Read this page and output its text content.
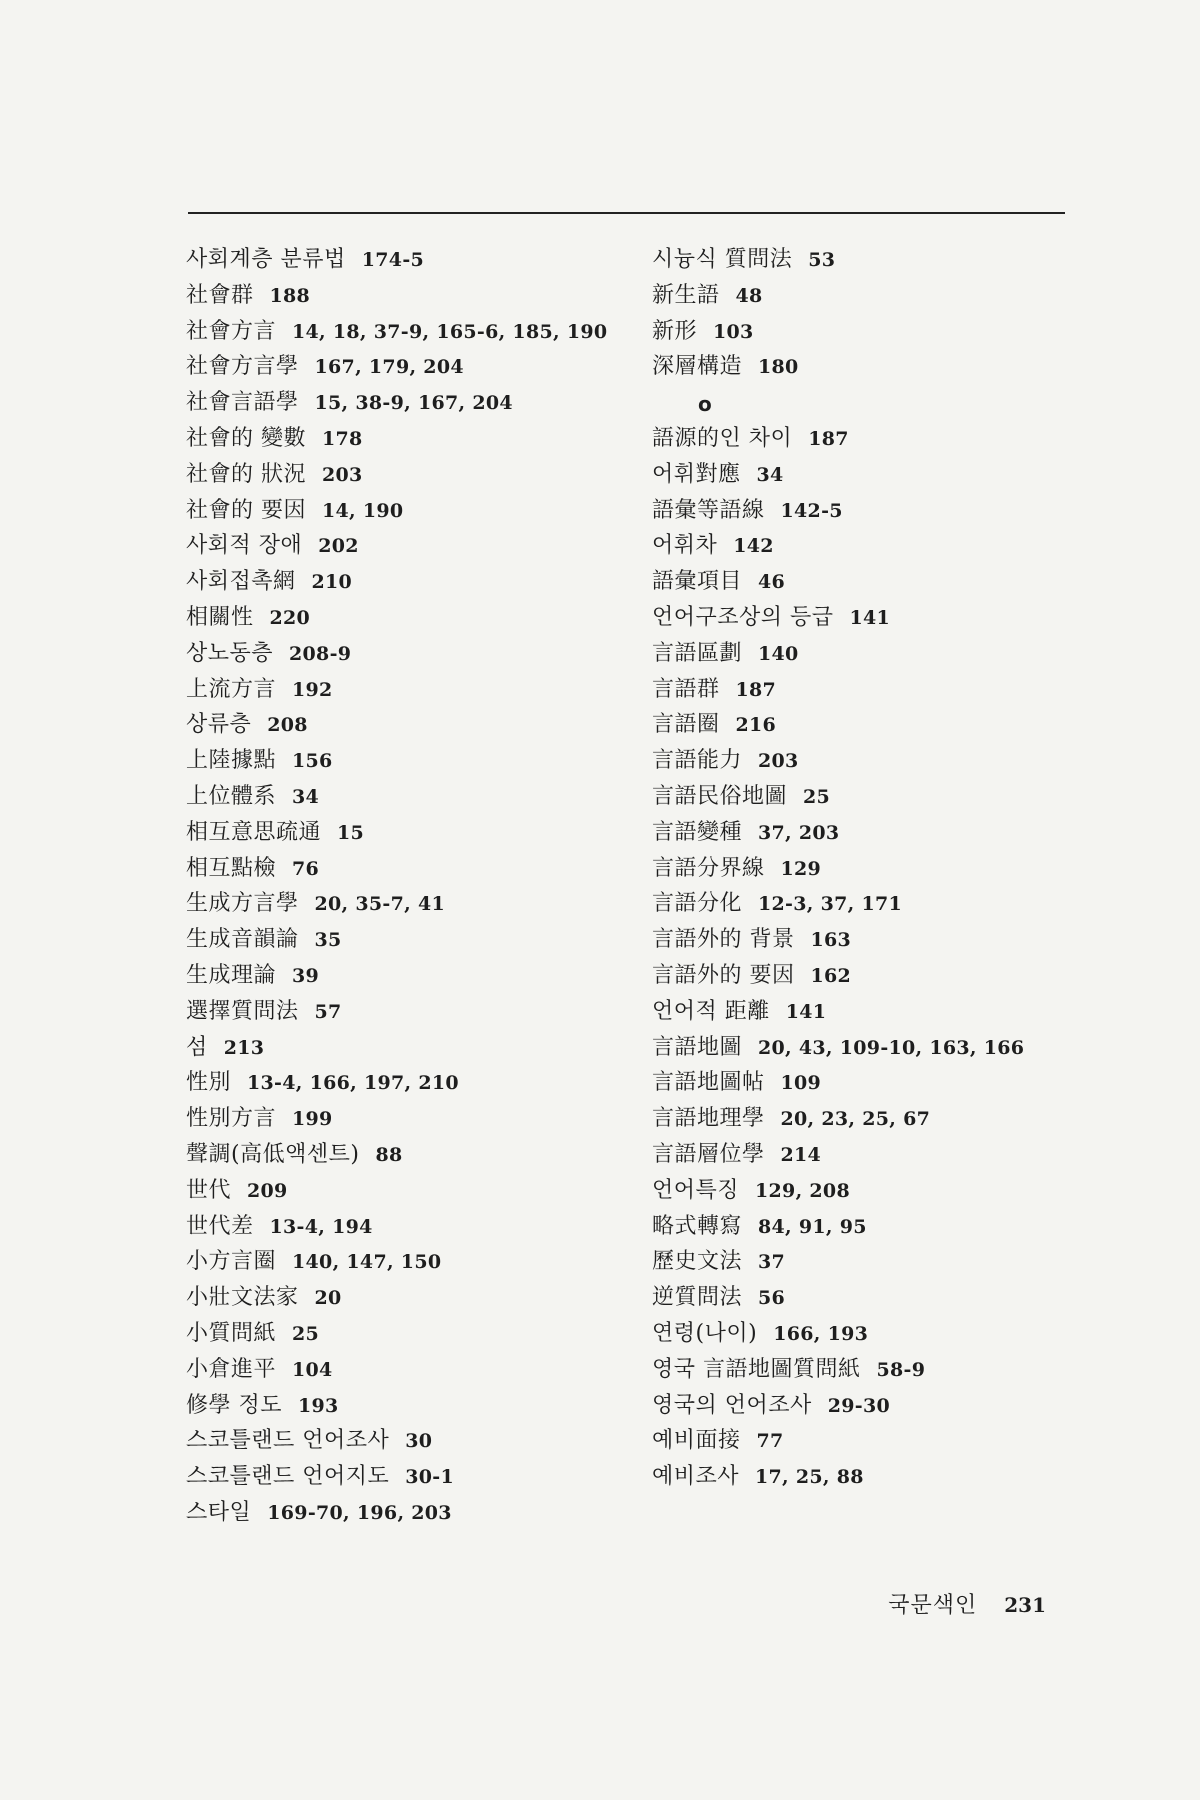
사회계층 분류법 174-5
社會群 188
社會方言 14, 18, 37-9, 165-6, 185, 190
社會方言學 167, 179, 204
社會言語學 15, 38-9, 167, 204
社會的 變數 178
社會的 狀況 203
社會的 要因 14, 190
사회적 장애 202
사회접촉網 210
相關性 220
상노동층 208-9
上流方言 192
상류층 208
上陸據點 156
上位體系 34
相互意思疏通 15
相互點檢 76
生成方言學 20, 35-7, 41
生成音韻論 35
生成理論 39
選擇質問法 57
섬 213
性別 13-4, 166, 197, 210
性別方言 199
聲調(高低액센트) 88
世代 209
世代差 13-4, 194
小方言圈 140, 147, 150
小壯文法家 20
小質問紙 25
小倉進平 104
修學 정도 193
스코틀랜드 언어조사 30
스코틀랜드 언어지도 30-1
스타일 169-70, 196, 203
시늉식 質問法 53
新生語 48
新形 103
深層構造 180
o
語源的인 차이 187
어휘對應 34
語彙等語線 142-5
어휘차 142
語彙項目 46
언어구조상의 등급 141
言語區劃 140
言語群 187
言語圈 216
言語能力 203
言語民俗地圖 25
言語變種 37, 203
言語分界線 129
言語分化 12-3, 37, 171
言語外的 背景 163
言語外的 要因 162
언어적 距離 141
言語地圖 20, 43, 109-10, 163, 166
言語地圖帖 109
言語地理學 20, 23, 25, 67
言語層位學 214
언어특징 129, 208
略式轉寫 84, 91, 95
歷史文法 37
逆質問法 56
연령(나이) 166, 193
영국 言語地圖質問紙 58-9
영국의 언어조사 29-30
예비面接 77
예비조사 17, 25, 88
국문색인 231
